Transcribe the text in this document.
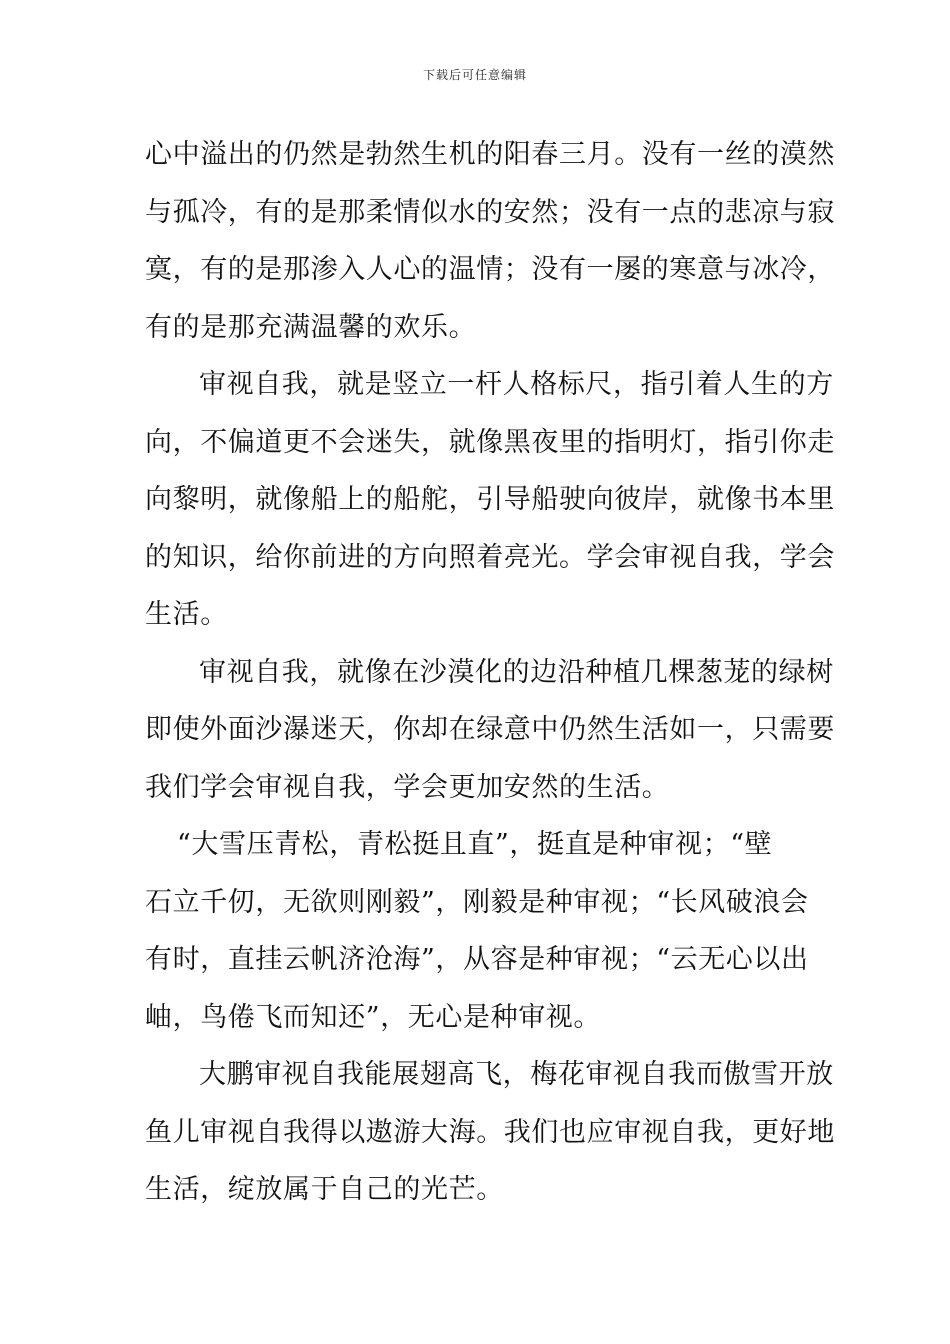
下载后可任意编辑
心中溢出的仍然是勃然生机的阳春三月。没有一丝的漠然
与孤冷，有的是那柔情似水的安然；没有一点的悲凉与寂
寞，有的是那渗入人心的温情；没有一屡的寒意与冰冷，
有的是那充满温馨的欢乐。
审视自我，就是竖立一杆人格标尺，指引着人生的方
向，不偏道更不会迷失，就像黑夜里的指明灯，指引你走
向黎明，就像船上的船舵，引导船驶向彼岸，就像书本里
的知识，给你前进的方向照着亮光。学会审视自我，学会
生活。
审视自我，就像在沙漠化的边沿种植几棵葱茏的绿树
即使外面沙瀑迷天，你却在绿意中仍然生活如一，只需要
我们学会审视自我，学会更加安然的生活。
“大雪压青松，青松挺且直”，挺直是种审视；“壁
石立千仞，无欲则刚毅”，刚毅是种审视；“长风破浪会
有时，直挂云帆济沧海”，从容是种审视；“云无心以出
岫，鸟倦飞而知还”，无心是种审视。
大鹏审视自我能展翅高飞，梅花审视自我而傲雪开放
鱼儿审视自我得以遨游大海。我们也应审视自我，更好地
生活，绽放属于自己的光芒。
